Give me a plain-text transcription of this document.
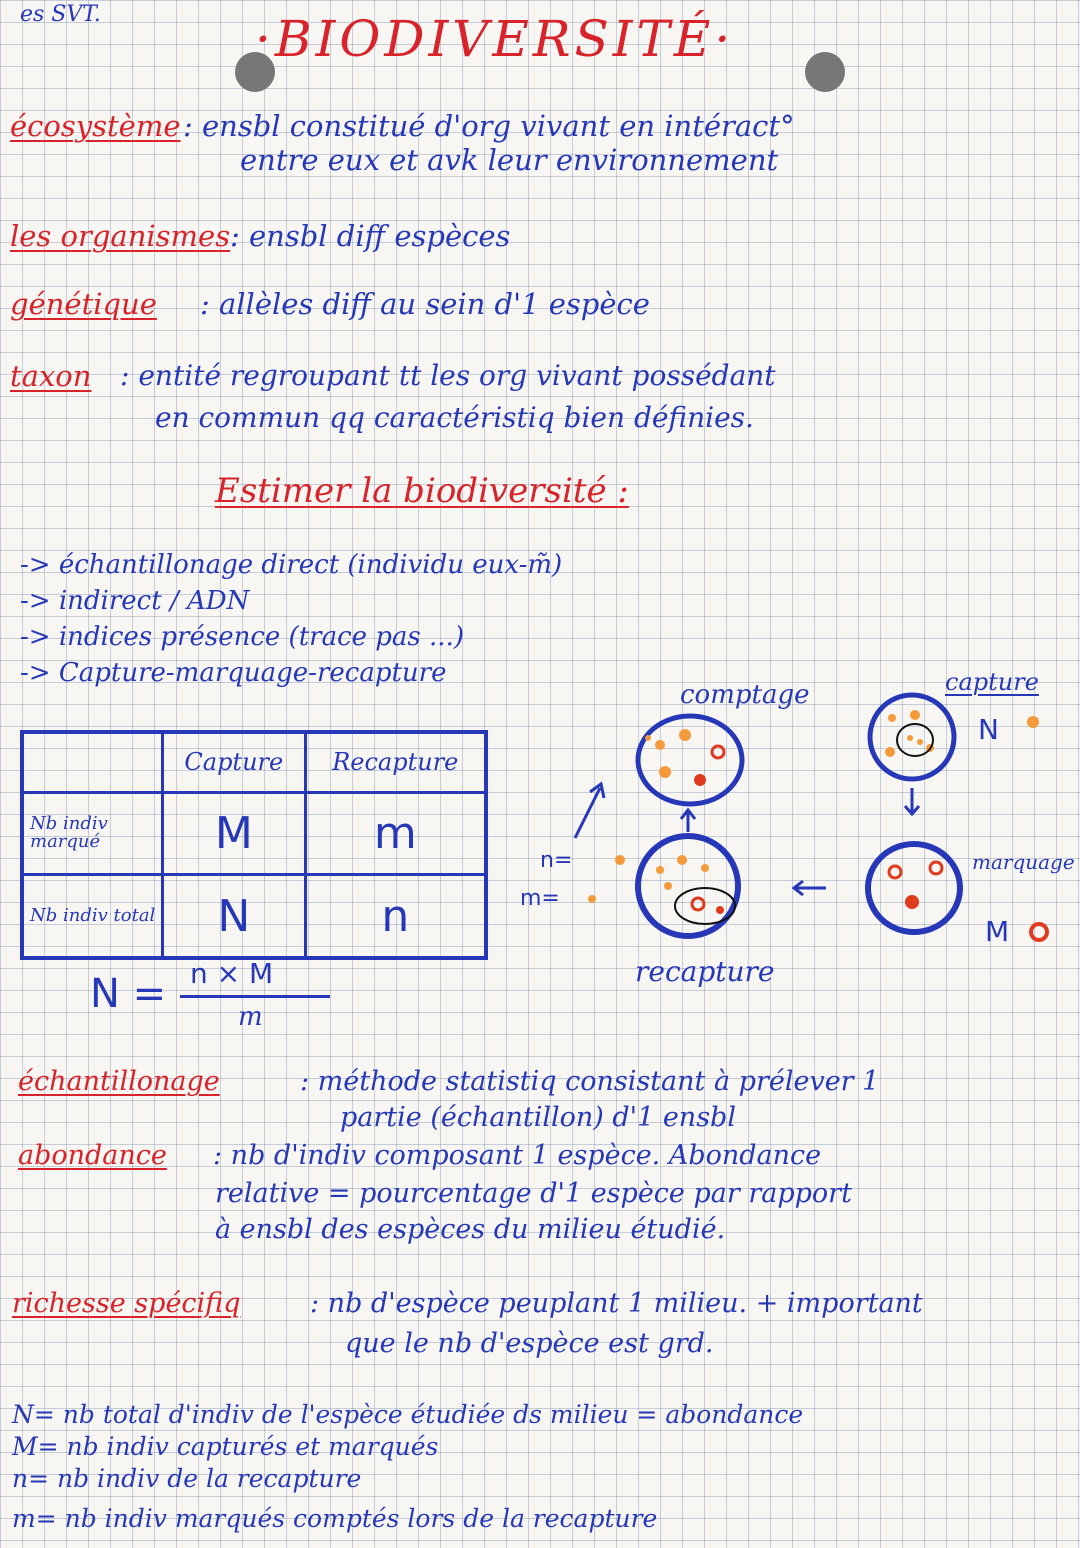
es SVT.	·BIODIVERSITÉ·
écosystème : ensbl constitué d'org vivant en intéract°
entre eux et avk leur environnement
les organismes : ensbl diff espèces
génétique : allèles diff au sein d'1 espèce
taxon : entité regroupant tt les org vivant possédant
en commun qq caractéristiq bien définies.
Estimer la biodiversité :
-> échantillonage direct (individu eux-m̃)
-> indirect / ADN
-> indices présence (trace pas ...)
-> Capture-marquage-recapture
	Capture	Recapture
Nb indiv marqué	M	m
Nb indiv total	N	n
N = n × M
m
comptage	capture
N
marquage
M
recapture
n=
m=
échantillonage	: méthode statistiq consistant à prélever 1
partie (échantillon) d'1 ensbl
abondance : nb d'indiv composant 1 espèce. Abondance
relative = pourcentage d'1 espèce par rapport
à ensbl des espèces du milieu étudié.
richesse spécifiq	: nb d'espèce peuplant 1 milieu. + important
que le nb d'espèce est grd.
N= nb total d'indiv de l'espèce étudiée ds milieu = abondance
M= nb indiv capturés et marqués
n= nb indiv de la recapture
m= nb indiv marqués comptés lors de la recapture
